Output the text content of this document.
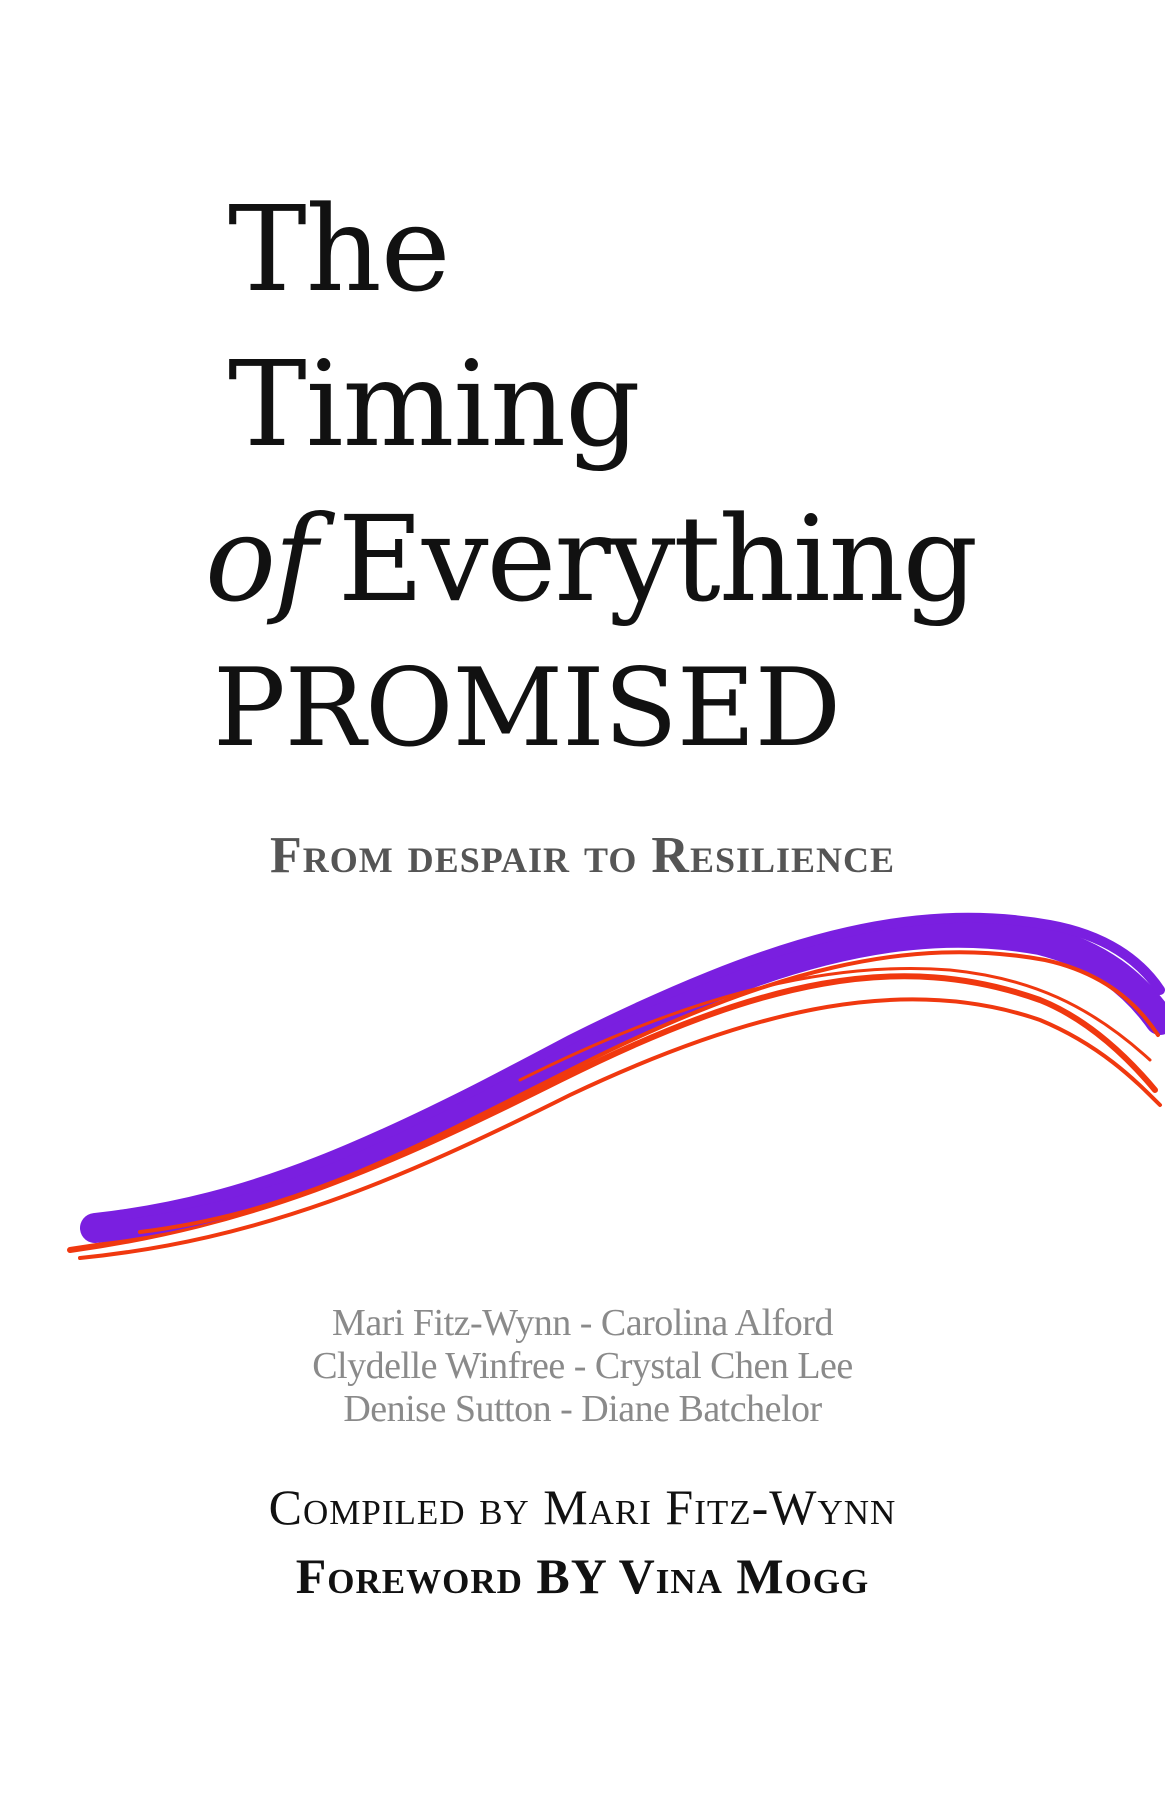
The
Timing
of Everything
PROMISED
From despair to Resilience
Mari Fitz-Wynn - Carolina Alford
Clydelle Winfree - Crystal Chen Lee
Denise Sutton - Diane Batchelor
Compiled by Mari Fitz-Wynn
Foreword BY Vina Mogg
